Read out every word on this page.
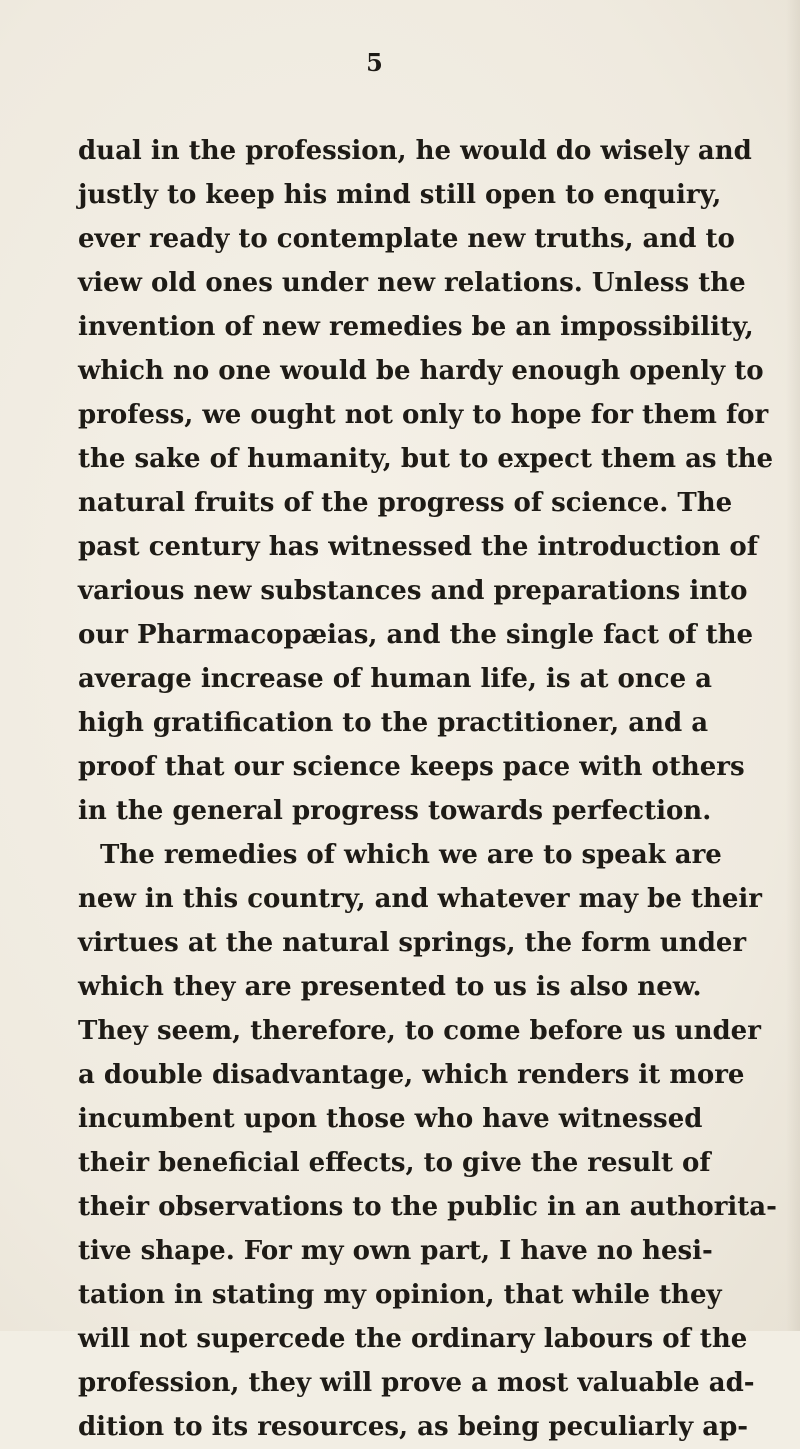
5
dual in the profession, he would do wisely and
justly to keep his mind still open to enquiry,
ever ready to contemplate new truths, and to
view old ones under new relations. Unless the
invention of new remedies be an impossibility,
which no one would be hardy enough openly to
profess, we ought not only to hope for them for
the sake of humanity, but to expect them as the
natural fruits of the progress of science. The
past century has witnessed the introduction of
various new substances and preparations into
our Pharmacopæias, and the single fact of the
average increase of human life, is at once a
high gratification to the practitioner, and a
proof that our science keeps pace with others
in the general progress towards perfection.
The remedies of which we are to speak are
new in this country, and whatever may be their
virtues at the natural springs, the form under
which they are presented to us is also new.
They seem, therefore, to come before us under
a double disadvantage, which renders it more
incumbent upon those who have witnessed
their beneficial effects, to give the result of
their observations to the public in an authorita-
tive shape. For my own part, I have no hesi-
tation in stating my opinion, that while they
will not supercede the ordinary labours of the
profession, they will prove a most valuable ad-
dition to its resources, as being peculiarly ap-
